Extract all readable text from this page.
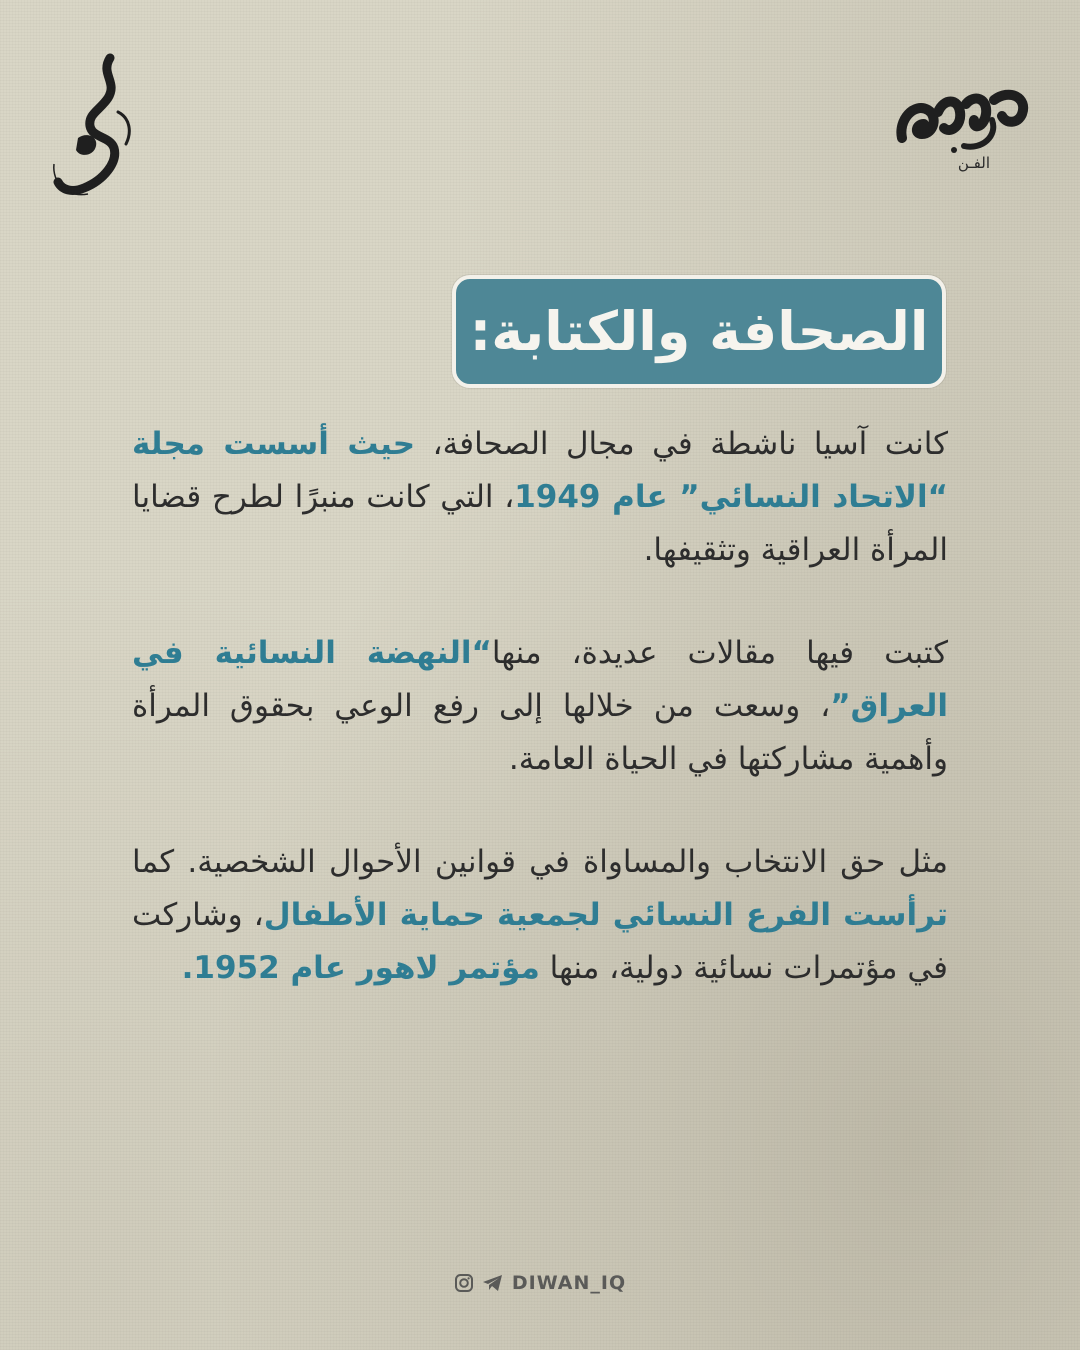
الفـن
الصحافة والكتابة:

كانت آسيا ناشطة في مجال الصحافة، حيث أسست مجلة “الاتحاد النسائي” عام 1949، التي كانت منبرًا لطرح قضايا المرأة العراقية وتثقيفها.

كتبت فيها مقالات عديدة، منها“النهضة النسائية في العراق”، وسعت من خلالها إلى رفع الوعي بحقوق المرأة وأهمية مشاركتها في الحياة العامة.

مثل حق الانتخاب والمساواة في قوانين الأحوال الشخصية. كما ترأست الفرع النسائي لجمعية حماية الأطفال، وشاركت في مؤتمرات نسائية دولية، منها مؤتمر لاهور عام 1952.

DIWAN_IQ
